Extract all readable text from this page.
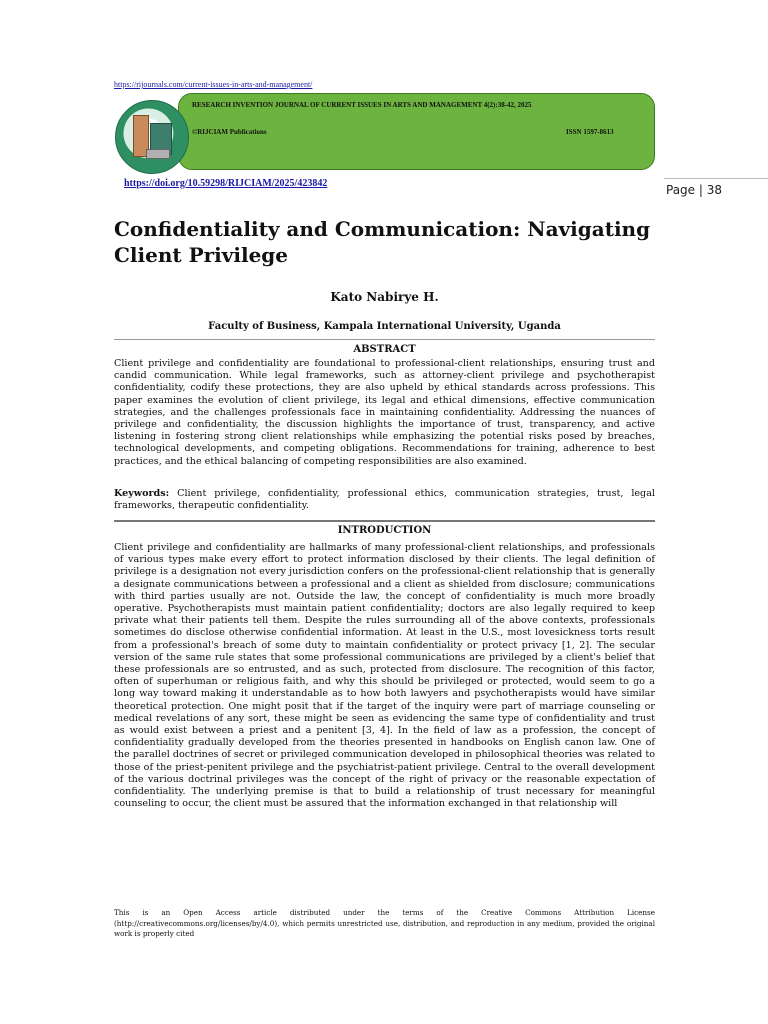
https://rijournals.com/current-issues-in-arts-and-management/
RESEARCH INVENTION JOURNAL OF CURRENT ISSUES IN ARTS AND MANAGEMENT 4(2):38-42, 2025
©RIJCIAM Publications	ISSN 1597-8613
https://doi.org/10.59298/RIJCIAM/2025/423842	Page | 38
Confidentiality and Communication: Navigating Client Privilege
Kato Nabirye H.
Faculty of Business, Kampala International University, Uganda
ABSTRACT
Client privilege and confidentiality are foundational to professional-client relationships, ensuring trust and candid communication. While legal frameworks, such as attorney-client privilege and psychotherapist confidentiality, codify these protections, they are also upheld by ethical standards across professions. This paper examines the evolution of client privilege, its legal and ethical dimensions, effective communication strategies, and the challenges professionals face in maintaining confidentiality. Addressing the nuances of privilege and confidentiality, the discussion highlights the importance of trust, transparency, and active listening in fostering strong client relationships while emphasizing the potential risks posed by breaches, technological developments, and competing obligations. Recommendations for training, adherence to best practices, and the ethical balancing of competing responsibilities are also examined.
Keywords: Client privilege, confidentiality, professional ethics, communication strategies, trust, legal frameworks, therapeutic confidentiality.
INTRODUCTION
Client privilege and confidentiality are hallmarks of many professional-client relationships, and professionals of various types make every effort to protect information disclosed by their clients. The legal definition of privilege is a designation not every jurisdiction confers on the professional-client relationship that is generally a designate communications between a professional and a client as shielded from disclosure; communications with third parties usually are not. Outside the law, the concept of confidentiality is much more broadly operative. Psychotherapists must maintain patient confidentiality; doctors are also legally required to keep private what their patients tell them. Despite the rules surrounding all of the above contexts, professionals sometimes do disclose otherwise confidential information. At least in the U.S., most lovesickness torts result from a professional's breach of some duty to maintain confidentiality or protect privacy [1, 2]. The secular version of the same rule states that some professional communications are privileged by a client's belief that these professionals are so entrusted, and as such, protected from disclosure. The recognition of this factor, often of superhuman or religious faith, and why this should be privileged or protected, would seem to go a long way toward making it understandable as to how both lawyers and psychotherapists would have similar theoretical protection. One might posit that if the target of the inquiry were part of marriage counseling or medical revelations of any sort, these might be seen as evidencing the same type of confidentiality and trust as would exist between a priest and a penitent [3, 4]. In the field of law as a profession, the concept of confidentiality gradually developed from the theories presented in handbooks on English canon law. One of the parallel doctrines of secret or privileged communication developed in philosophical theories was related to those of the priest-penitent privilege and the psychiatrist-patient privilege. Central to the overall development of the various doctrinal privileges was the concept of the right of privacy or the reasonable expectation of confidentiality. The underlying premise is that to build a relationship of trust necessary for meaningful counseling to occur, the client must be assured that the information exchanged in that relationship will
This is an Open Access article distributed under the terms of the Creative Commons Attribution License (http://creativecommons.org/licenses/by/4.0), which permits unrestricted use, distribution, and reproduction in any medium, provided the original work is properly cited
